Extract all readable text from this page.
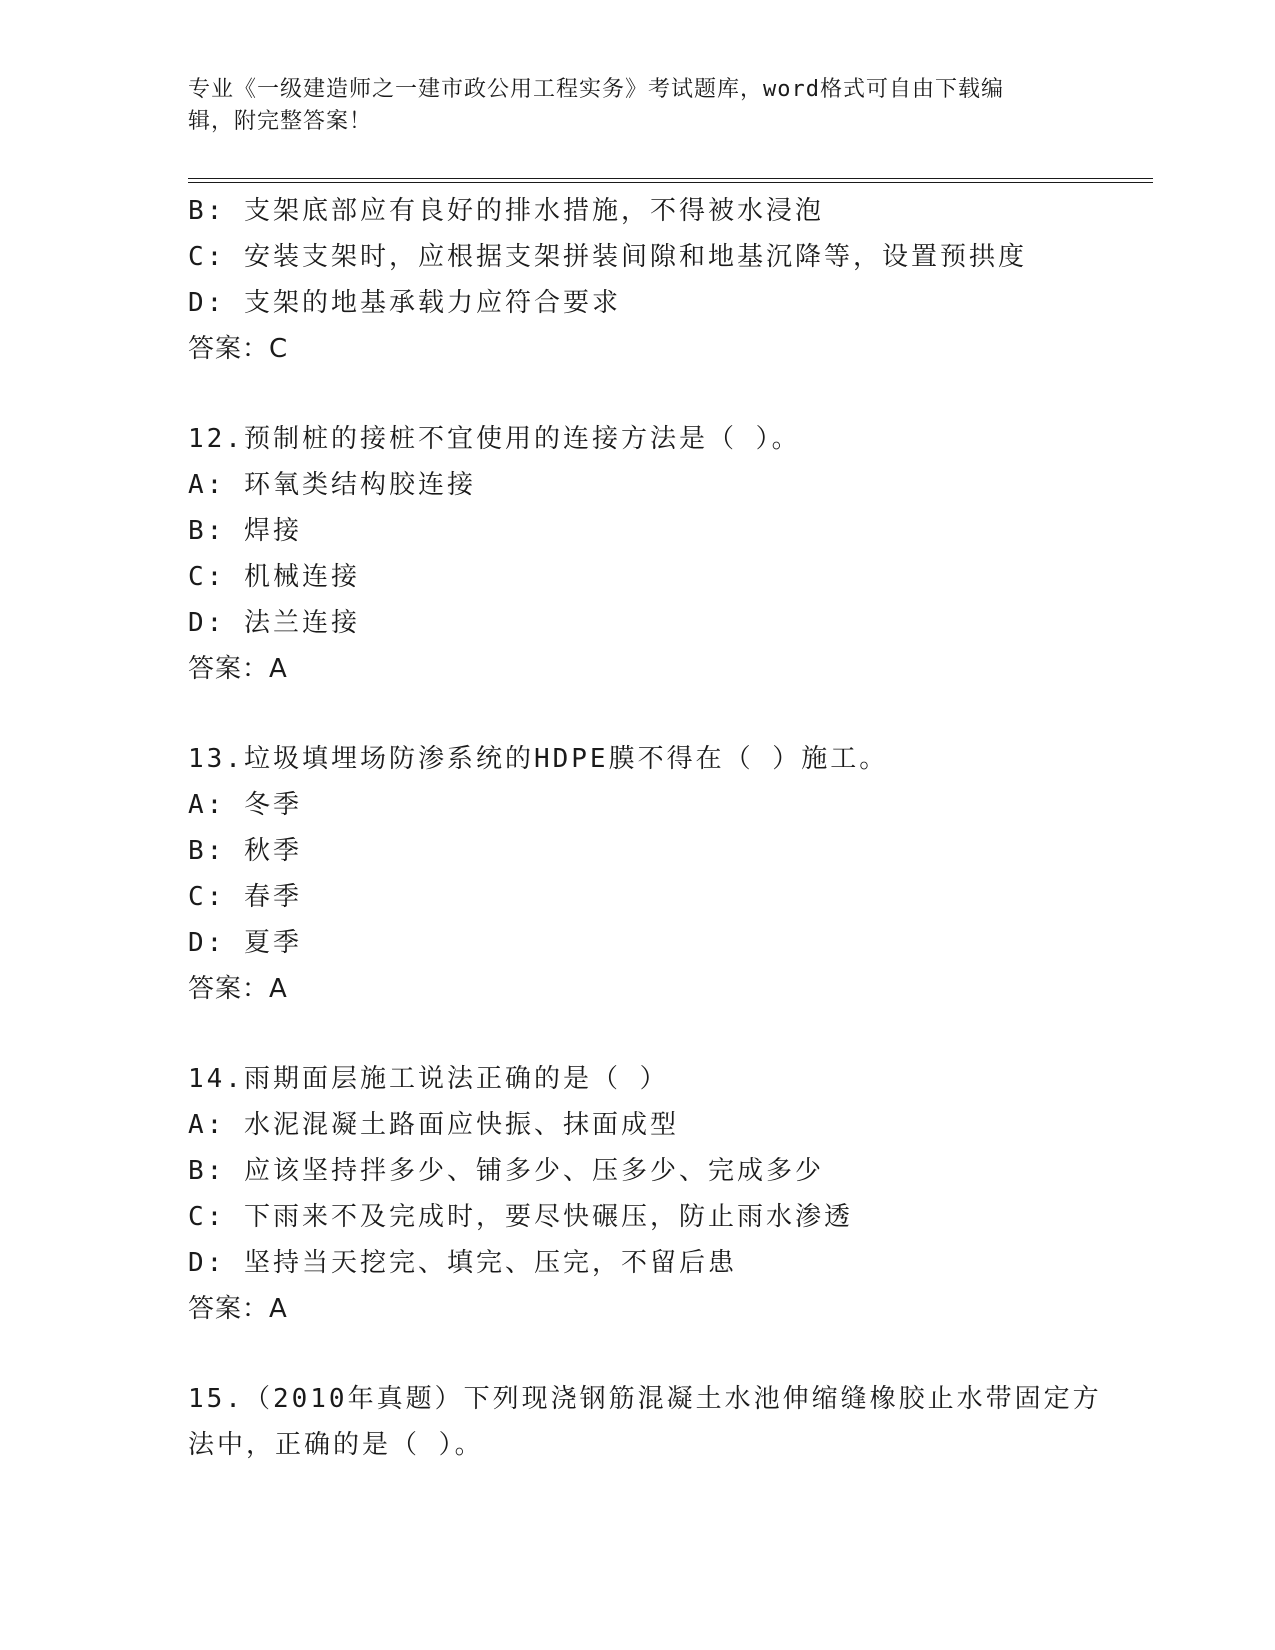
专业《一级建造师之一建市政公用工程实务》考试题库，word格式可自由下载编
辑，附完整答案！
B: 支架底部应有良好的排水措施，不得被水浸泡
C: 安装支架时，应根据支架拼装间隙和地基沉降等，设置预拱度
D: 支架的地基承载力应符合要求
答案：C
12.预制桩的接桩不宜使用的连接方法是（ ）。
A: 环氧类结构胶连接
B: 焊接
C: 机械连接
D: 法兰连接
答案：A
13.垃圾填埋场防渗系统的HDPE膜不得在（ ）施工。
A: 冬季
B: 秋季
C: 春季
D: 夏季
答案：A
14.雨期面层施工说法正确的是（ ）
A: 水泥混凝土路面应快振、抹面成型
B: 应该坚持拌多少、铺多少、压多少、完成多少
C: 下雨来不及完成时，要尽快碾压，防止雨水渗透
D: 坚持当天挖完、填完、压完，不留后患
答案：A
15.（2010年真题）下列现浇钢筋混凝土水池伸缩缝橡胶止水带固定方
法中，正确的是（ ）。
